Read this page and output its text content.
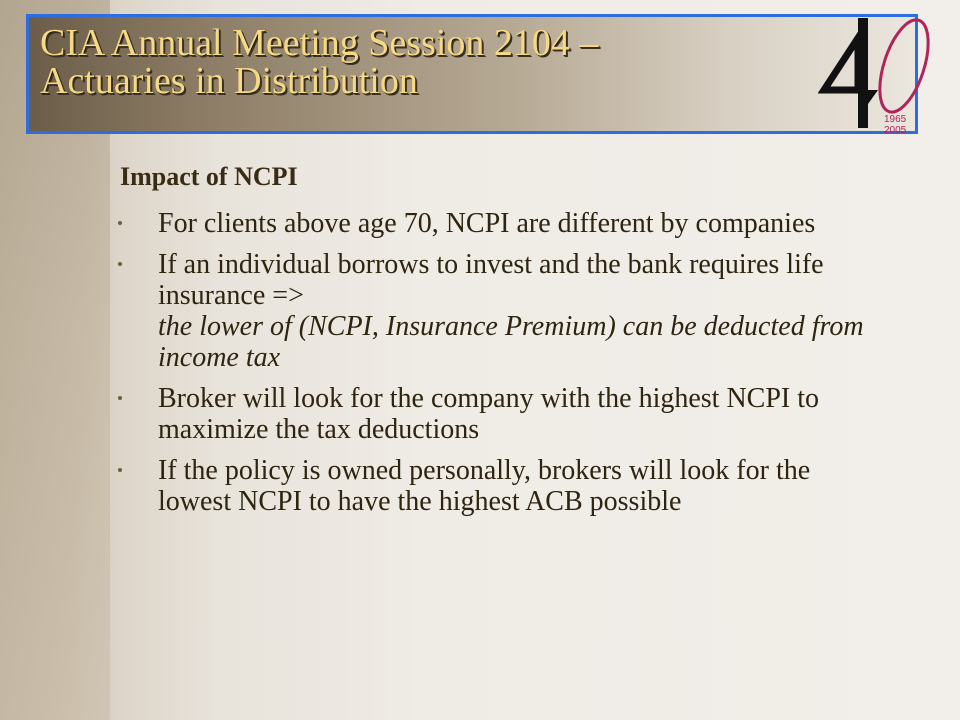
CIA Annual Meeting Session 2104 –
Actuaries in Distribution
1965
2005
Impact of NCPI
For clients above age 70, NCPI are different by companies
If an individual borrows to invest and the bank requires life insurance =>
the lower of (NCPI, Insurance Premium) can be deducted from income tax
Broker will look for the company with the highest NCPI to maximize the tax deductions
If the policy is owned personally, brokers will look for the lowest NCPI to have the highest ACB possible
